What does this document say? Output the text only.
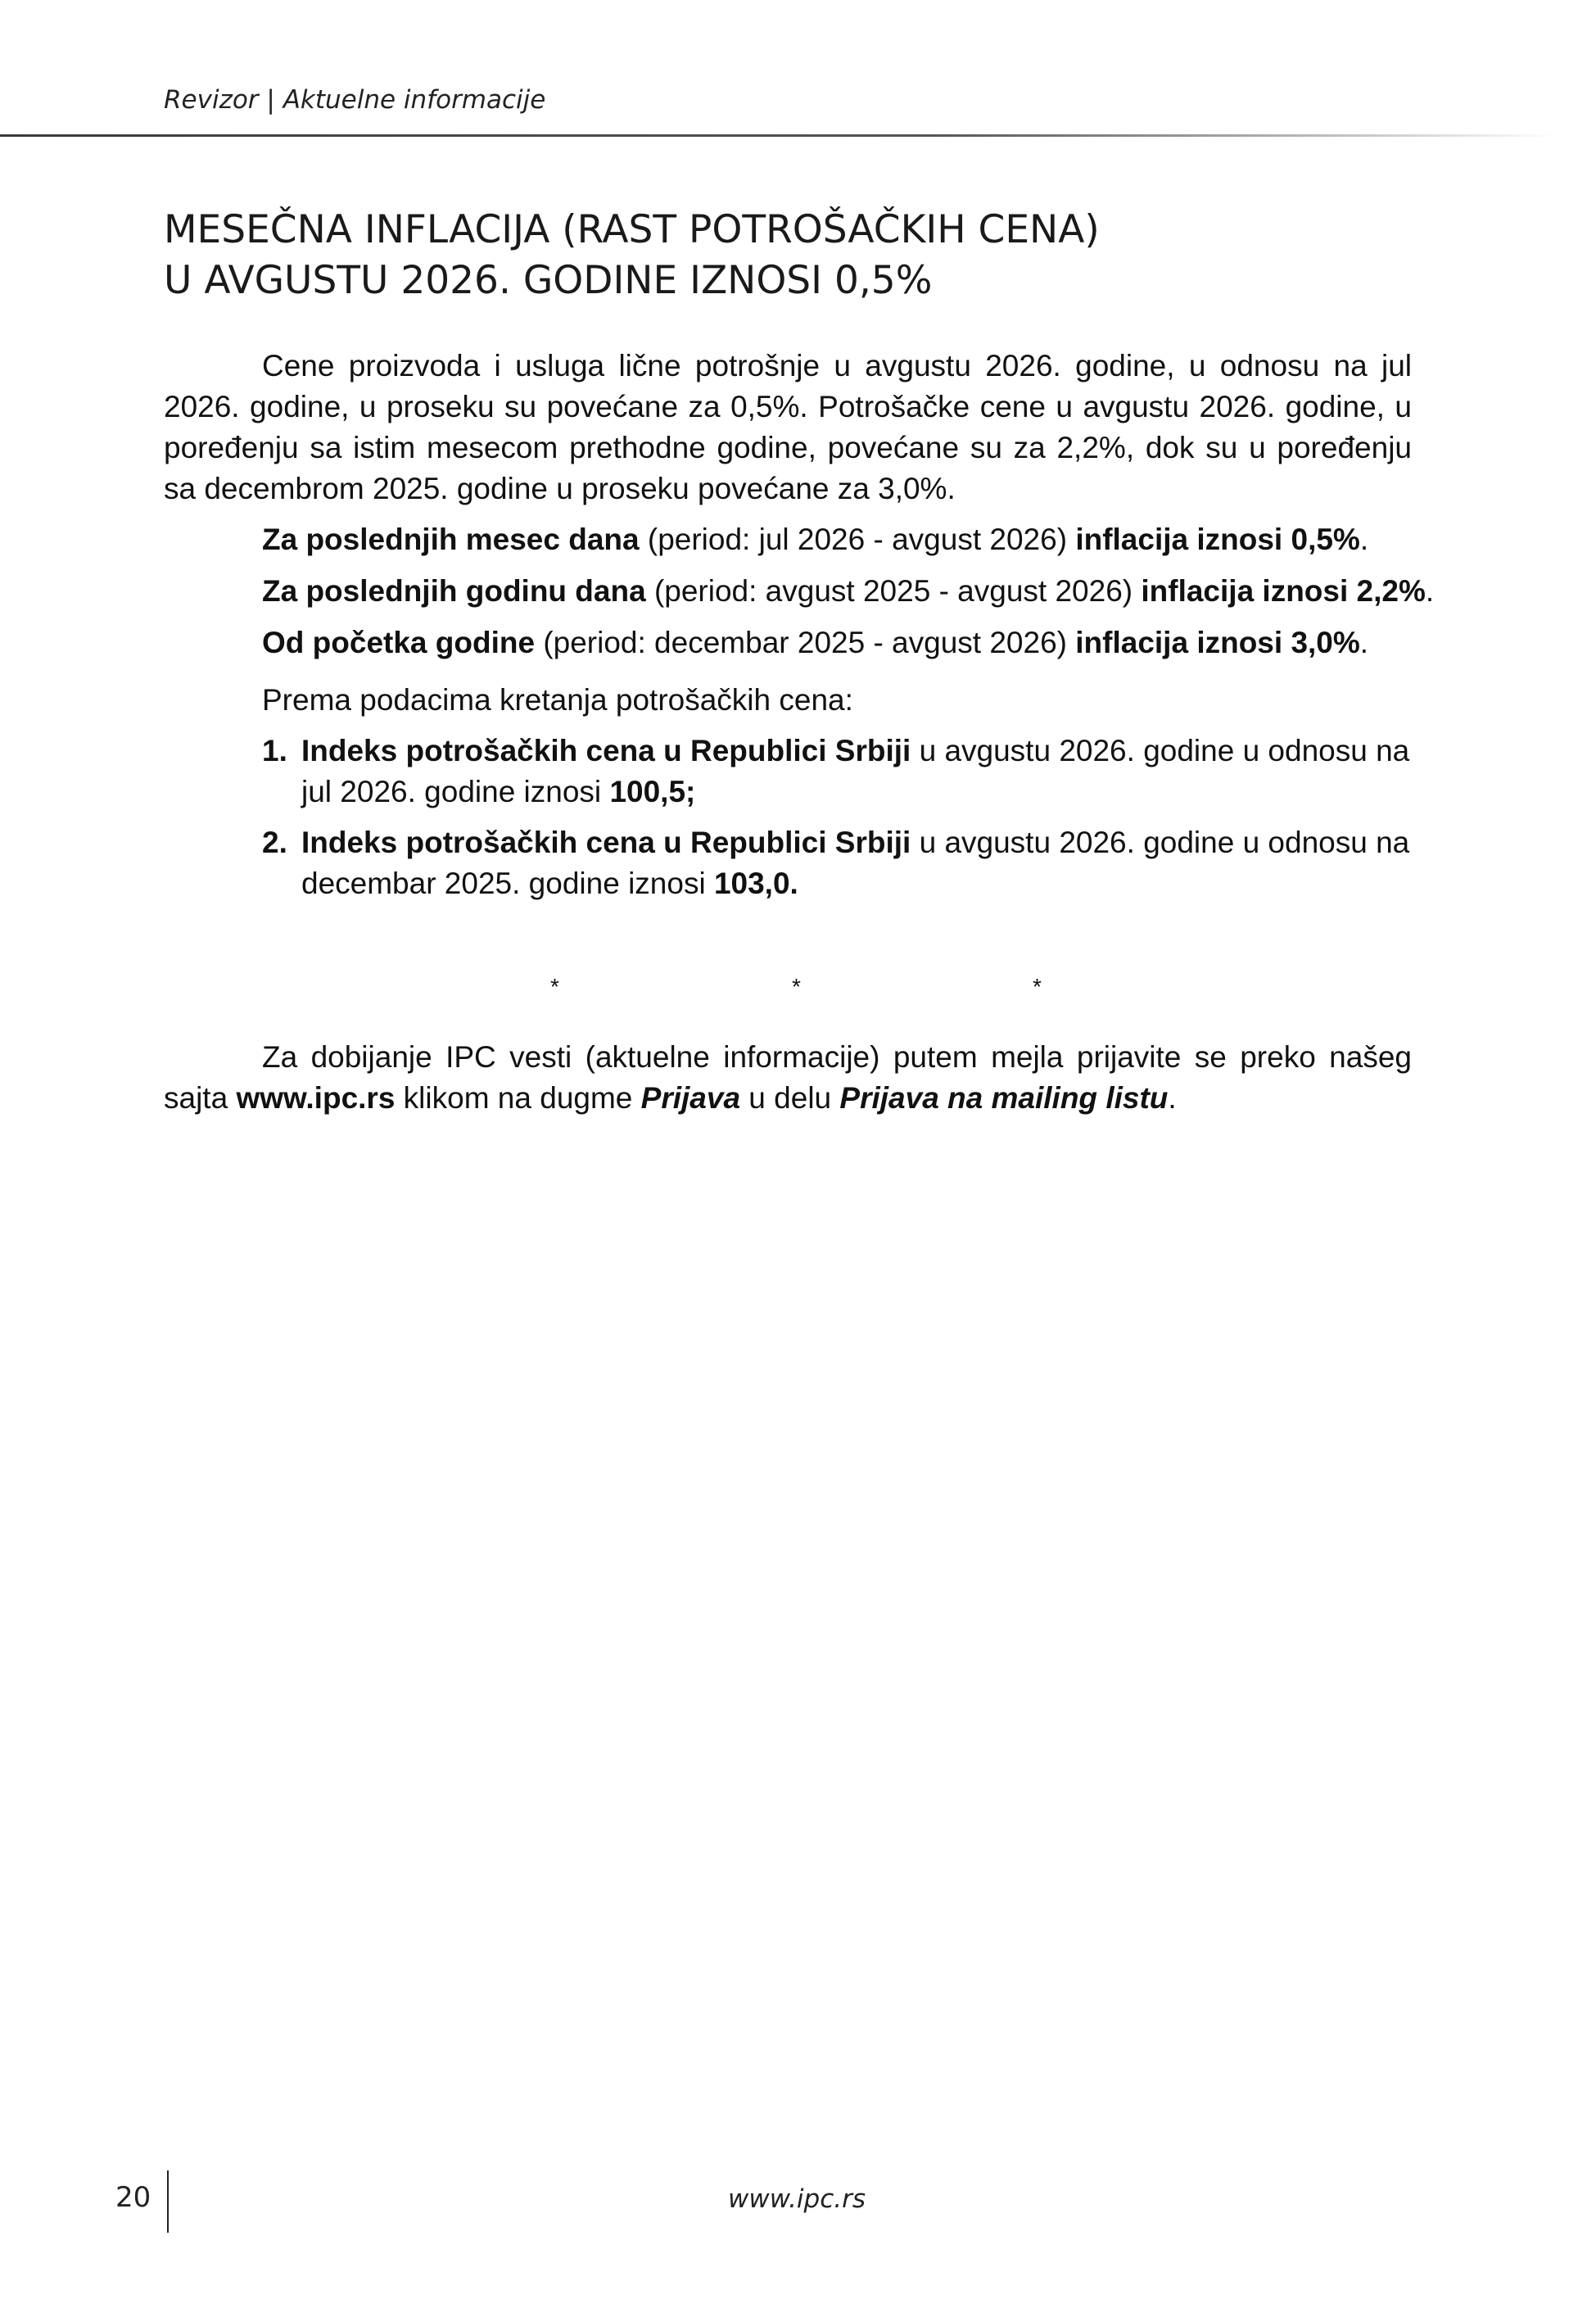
Revizor | Aktuelne informacije
MESEČNA INFLACIJA (RAST POTROŠAČKIH CENA)
U AVGUSTU 2026. GODINE IZNOSI 0,5%

Cene proizvoda i usluga lične potrošnje u avgustu 2026. godine, u odnosu na jul 2026. godine, u proseku su povećane za 0,5%. Potrošačke cene u avgustu 2026. godine, u poređenju sa istim mesecom prethodne godine, povećane su za 2,2%, dok su u poređenju sa decembrom 2025. godine u proseku povećane za 3,0%.

Za poslednjih mesec dana (period: jul 2026 - avgust 2026) inflacija iznosi 0,5%.

Za poslednjih godinu dana (period: avgust 2025 - avgust 2026) inflacija iznosi 2,2%.

Od početka godine (period: decembar 2025 - avgust 2026) inflacija iznosi 3,0%.

Prema podacima kretanja potrošačkih cena:

1. Indeks potrošačkih cena u Republici Srbiji u avgustu 2026. godine u odnosu na jul 2026. godine iznosi 100,5;
2. Indeks potrošačkih cena u Republici Srbiji u avgustu 2026. godine u odnosu na decembar 2025. godine iznosi 103,0.
*	*	*

Za dobijanje IPC vesti (aktuelne informacije) putem mejla prijavite se preko našeg sajta www.ipc.rs klikom na dugme Prijava u delu Prijava na mailing listu.

20	www.ipc.rs
